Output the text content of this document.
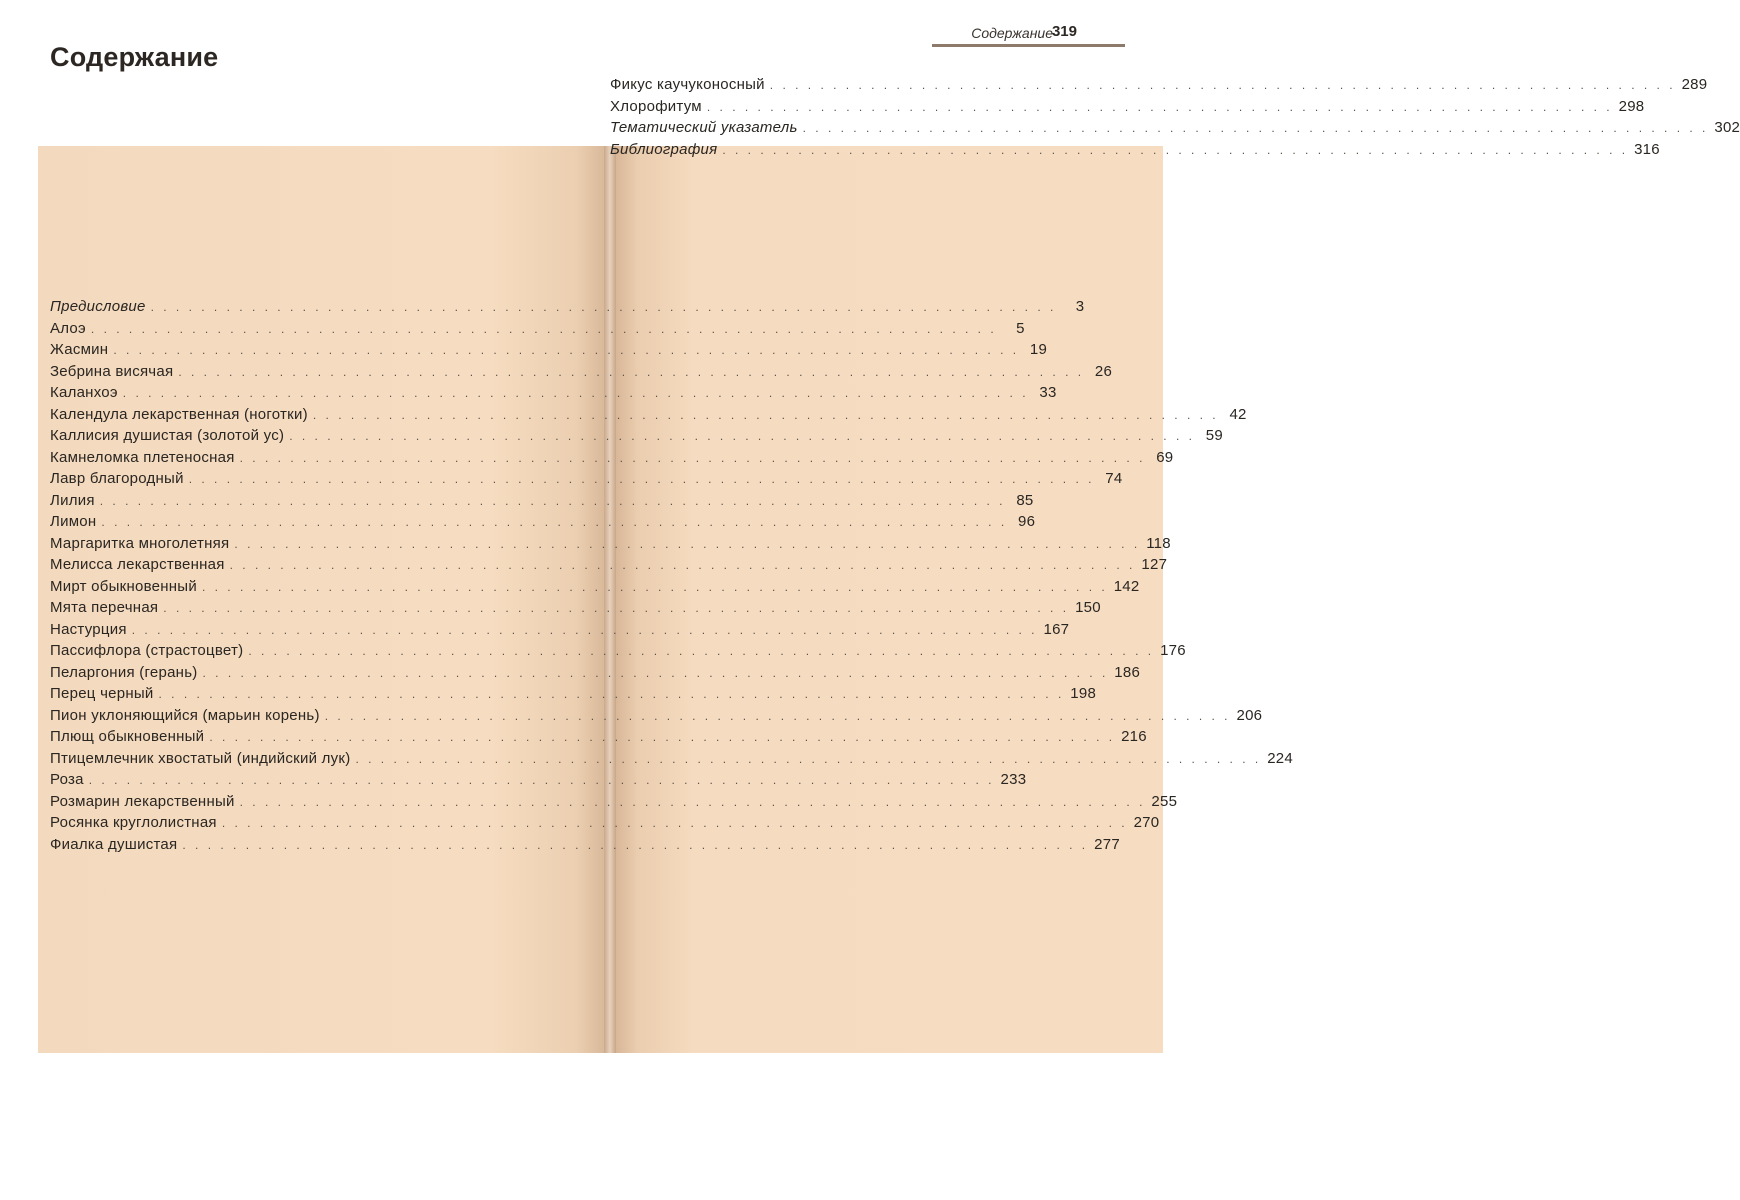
Содержание
Содержание
319
Предисловие . . . . . . . . . . . . . . . . . . . . . . . . . . . . . . . . . . . . . . . . . . . . . . . . . . . . . . . . . . . . . . . . . . . . . . . .	3
Алоэ . . . . . . . . . . . . . . . . . . . . . . . . . . . . . . . . . . . . . . . . . . . . . . . . . . . . . . . . . . . . . . . . . . . . . . . .	5
Жасмин . . . . . . . . . . . . . . . . . . . . . . . . . . . . . . . . . . . . . . . . . . . . . . . . . . . . . . . . . . . . . . . . . . . . . . . . 19
Зебрина висячая . . . . . . . . . . . . . . . . . . . . . . . . . . . . . . . . . . . . . . . . . . . . . . . . . . . . . . . . . . . . . . . . . . . . . . . . 26
Каланхоэ . . . . . . . . . . . . . . . . . . . . . . . . . . . . . . . . . . . . . . . . . . . . . . . . . . . . . . . . . . . . . . . . . . . . . . . . 33
Календула лекарственная (ноготки) . . . . . . . . . . . . . . . . . . . . . . . . . . . . . . . . . . . . . . . . . . . . . . . . . . . . . . . . . . . . . . . . . . . . . . . . 42
Каллисия душистая (золотой ус) . . . . . . . . . . . . . . . . . . . . . . . . . . . . . . . . . . . . . . . . . . . . . . . . . . . . . . . . . . . . . . . . . . . . . . . . 59
Камнеломка плетеносная . . . . . . . . . . . . . . . . . . . . . . . . . . . . . . . . . . . . . . . . . . . . . . . . . . . . . . . . . . . . . . . . . . . . . . . . 69
Лавр благородный . . . . . . . . . . . . . . . . . . . . . . . . . . . . . . . . . . . . . . . . . . . . . . . . . . . . . . . . . . . . . . . . . . . . . . . . 74
Лилия . . . . . . . . . . . . . . . . . . . . . . . . . . . . . . . . . . . . . . . . . . . . . . . . . . . . . . . . . . . . . . . . . . . . . . . . 85
Лимон . . . . . . . . . . . . . . . . . . . . . . . . . . . . . . . . . . . . . . . . . . . . . . . . . . . . . . . . . . . . . . . . . . . . . . . . 96
Маргаритка многолетняя . . . . . . . . . . . . . . . . . . . . . . . . . . . . . . . . . . . . . . . . . . . . . . . . . . . . . . . . . . . . . . . . . . . . . . . . 118
Мелисса лекарственная . . . . . . . . . . . . . . . . . . . . . . . . . . . . . . . . . . . . . . . . . . . . . . . . . . . . . . . . . . . . . . . . . . . . . . . . 127
Мирт обыкновенный . . . . . . . . . . . . . . . . . . . . . . . . . . . . . . . . . . . . . . . . . . . . . . . . . . . . . . . . . . . . . . . . . . . . . . . . 142
Мята перечная . . . . . . . . . . . . . . . . . . . . . . . . . . . . . . . . . . . . . . . . . . . . . . . . . . . . . . . . . . . . . . . . . . . . . . . . 150
Настурция . . . . . . . . . . . . . . . . . . . . . . . . . . . . . . . . . . . . . . . . . . . . . . . . . . . . . . . . . . . . . . . . . . . . . . . . 167
Пассифлора (страстоцвет) . . . . . . . . . . . . . . . . . . . . . . . . . . . . . . . . . . . . . . . . . . . . . . . . . . . . . . . . . . . . . . . . . . . . . . . . 176
Пеларгония (герань) . . . . . . . . . . . . . . . . . . . . . . . . . . . . . . . . . . . . . . . . . . . . . . . . . . . . . . . . . . . . . . . . . . . . . . . . 186
Перец черный . . . . . . . . . . . . . . . . . . . . . . . . . . . . . . . . . . . . . . . . . . . . . . . . . . . . . . . . . . . . . . . . . . . . . . . . 198
Пион уклоняющийся (марьин корень) . . . . . . . . . . . . . . . . . . . . . . . . . . . . . . . . . . . . . . . . . . . . . . . . . . . . . . . . . . . . . . . . . . . . . . . . 206
Плющ обыкновенный . . . . . . . . . . . . . . . . . . . . . . . . . . . . . . . . . . . . . . . . . . . . . . . . . . . . . . . . . . . . . . . . . . . . . . . . 216
Птицемлечник хвостатый (индийский лук) . . . . . . . . . . . . . . . . . . . . . . . . . . . . . . . . . . . . . . . . . . . . . . . . . . . . . . . . . . . . . . . . . . . . . . . . 224
Роза . . . . . . . . . . . . . . . . . . . . . . . . . . . . . . . . . . . . . . . . . . . . . . . . . . . . . . . . . . . . . . . . . . . . . . . . 233
Розмарин лекарственный . . . . . . . . . . . . . . . . . . . . . . . . . . . . . . . . . . . . . . . . . . . . . . . . . . . . . . . . . . . . . . . . . . . . . . . . 255
Росянка круглолистная . . . . . . . . . . . . . . . . . . . . . . . . . . . . . . . . . . . . . . . . . . . . . . . . . . . . . . . . . . . . . . . . . . . . . . . . 270
Фиалка душистая . . . . . . . . . . . . . . . . . . . . . . . . . . . . . . . . . . . . . . . . . . . . . . . . . . . . . . . . . . . . . . . . . . . . . . . . 277
Фикус каучуконосный . . . . . . . . . . . . . . . . . . . . . . . . . . . . . . . . . . . . . . . . . . . . . . . . . . . . . . . . . . . . . . . . . . . . . . . . 289
Хлорофитум . . . . . . . . . . . . . . . . . . . . . . . . . . . . . . . . . . . . . . . . . . . . . . . . . . . . . . . . . . . . . . . . . . . . . . . . 298
Тематический указатель . . . . . . . . . . . . . . . . . . . . . . . . . . . . . . . . . . . . . . . . . . . . . . . . . . . . . . . . . . . . . . . . . . . . . . . . 302
Библиография . . . . . . . . . . . . . . . . . . . . . . . . . . . . . . . . . . . . . . . . . . . . . . . . . . . . . . . . . . . . . . . . . . . . . . . . 316
